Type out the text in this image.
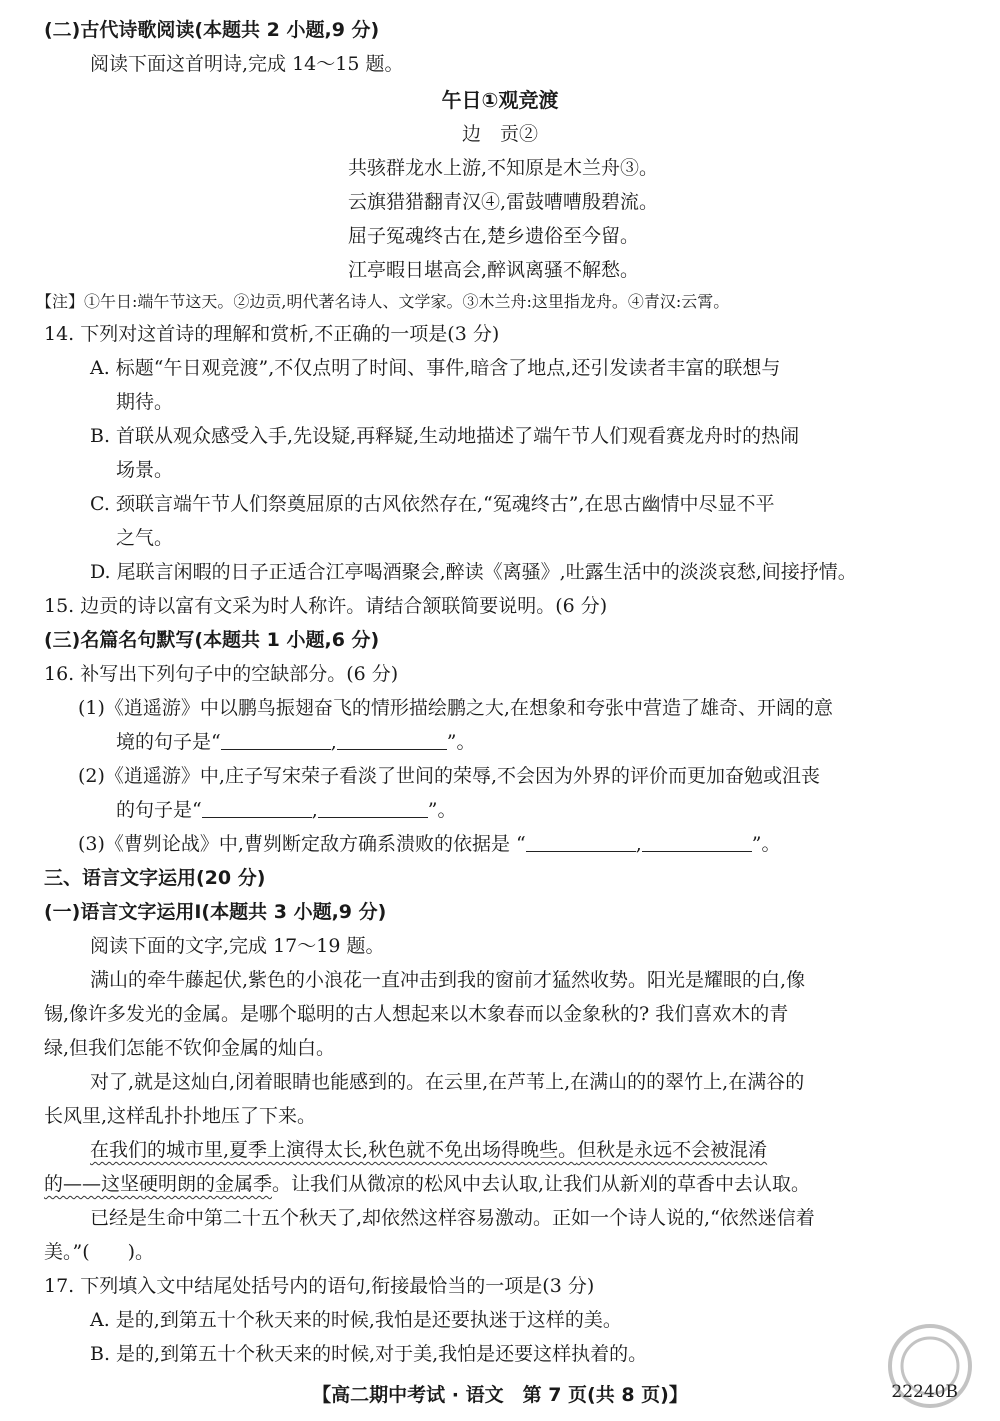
(二)古代诗歌阅读(本题共 2 小题,9 分)
阅读下面这首明诗,完成 14～15 题。
午日①观竞渡
边　贡②
共骇群龙水上游,不知原是木兰舟③。
云旗猎猎翻青汉④,雷鼓嘈嘈殷碧流。
屈子冤魂终古在,楚乡遗俗至今留。
江亭暇日堪高会,醉讽离骚不解愁。
【注】①午日:端午节这天。②边贡,明代著名诗人、文学家。③木兰舟:这里指龙舟。④青汉:云霄。
14. 下列对这首诗的理解和赏析,不正确的一项是(3 分)
A. 标题“午日观竞渡”,不仅点明了时间、事件,暗含了地点,还引发读者丰富的联想与
期待。
B. 首联从观众感受入手,先设疑,再释疑,生动地描述了端午节人们观看赛龙舟时的热闹
场景。
C. 颈联言端午节人们祭奠屈原的古风依然存在,“冤魂终古”,在思古幽情中尽显不平
之气。
D. 尾联言闲暇的日子正适合江亭喝酒聚会,醉读《离骚》,吐露生活中的淡淡哀愁,间接抒情。
15. 边贡的诗以富有文采为时人称许。请结合颔联简要说明。(6 分)
(三)名篇名句默写(本题共 1 小题,6 分)
16. 补写出下列句子中的空缺部分。(6 分)
(1)《逍遥游》中以鹏鸟振翅奋飞的情形描绘鹏之大,在想象和夸张中营造了雄奇、开阔的意
境的句子是“	,	”。
(2)《逍遥游》中,庄子写宋荣子看淡了世间的荣辱,不会因为外界的评价而更加奋勉或沮丧
的句子是“	,	”。
(3)《曹刿论战》中,曹刿断定敌方确系溃败的依据是 “	,	”。
三、语言文字运用(20 分)
(一)语言文字运用Ⅰ(本题共 3 小题,9 分)
阅读下面的文字,完成 17～19 题。
满山的牵牛藤起伏,紫色的小浪花一直冲击到我的窗前才猛然收势。阳光是耀眼的白,像
锡,像许多发光的金属。是哪个聪明的古人想起来以木象春而以金象秋的? 我们喜欢木的青
绿,但我们怎能不钦仰金属的灿白。
对了,就是这灿白,闭着眼睛也能感到的。在云里,在芦苇上,在满山的的翠竹上,在满谷的
长风里,这样乱扑扑地压了下来。
在我们的城市里,夏季上演得太长,秋色就不免出场得晚些。但秋是永远不会被混淆
的——这坚硬明朗的金属季。让我们从微凉的松风中去认取,让我们从新刈的草香中去认取。
已经是生命中第二十五个秋天了,却依然这样容易激动。正如一个诗人说的,“依然迷信着
美。”(　　)。
17. 下列填入文中结尾处括号内的语句,衔接最恰当的一项是(3 分)
A. 是的,到第五十个秋天来的时候,我怕是还要执迷于这样的美。
B. 是的,到第五十个秋天来的时候,对于美,我怕是还要这样执着的。
【高二期中考试 · 语文　第 7 页(共 8 页)】	22240B
